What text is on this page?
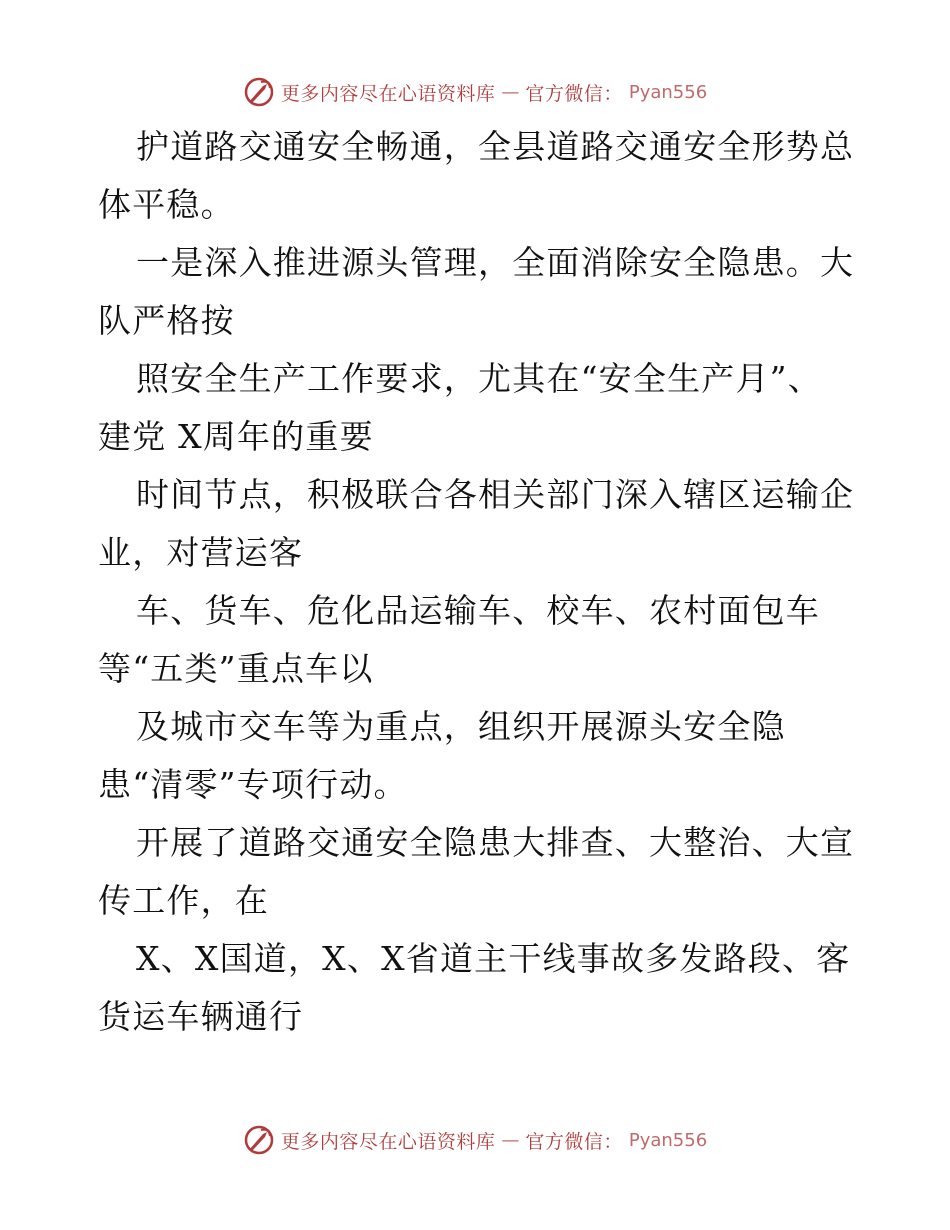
更多内容尽在心语资料库 — 官方微信： Pyan556

护道路交通安全畅通，全县道路交通安全形势总
体平稳。

一是深入推进源头管理，全面消除安全隐患。大
队严格按

照安全生产工作要求，尤其在“安全生产月”、
建党 X周年的重要

时间节点，积极联合各相关部门深入辖区运输企
业，对营运客

车、货车、危化品运输车、校车、农村面包车
等“五类”重点车以

及城市交车等为重点，组织开展源头安全隐
患“清零”专项行动。

开展了道路交通安全隐患大排查、大整治、大宣
传工作，在

X、X国道，X、X省道主干线事故多发路段、客
货运车辆通行

更多内容尽在心语资料库 — 官方微信： Pyan556
